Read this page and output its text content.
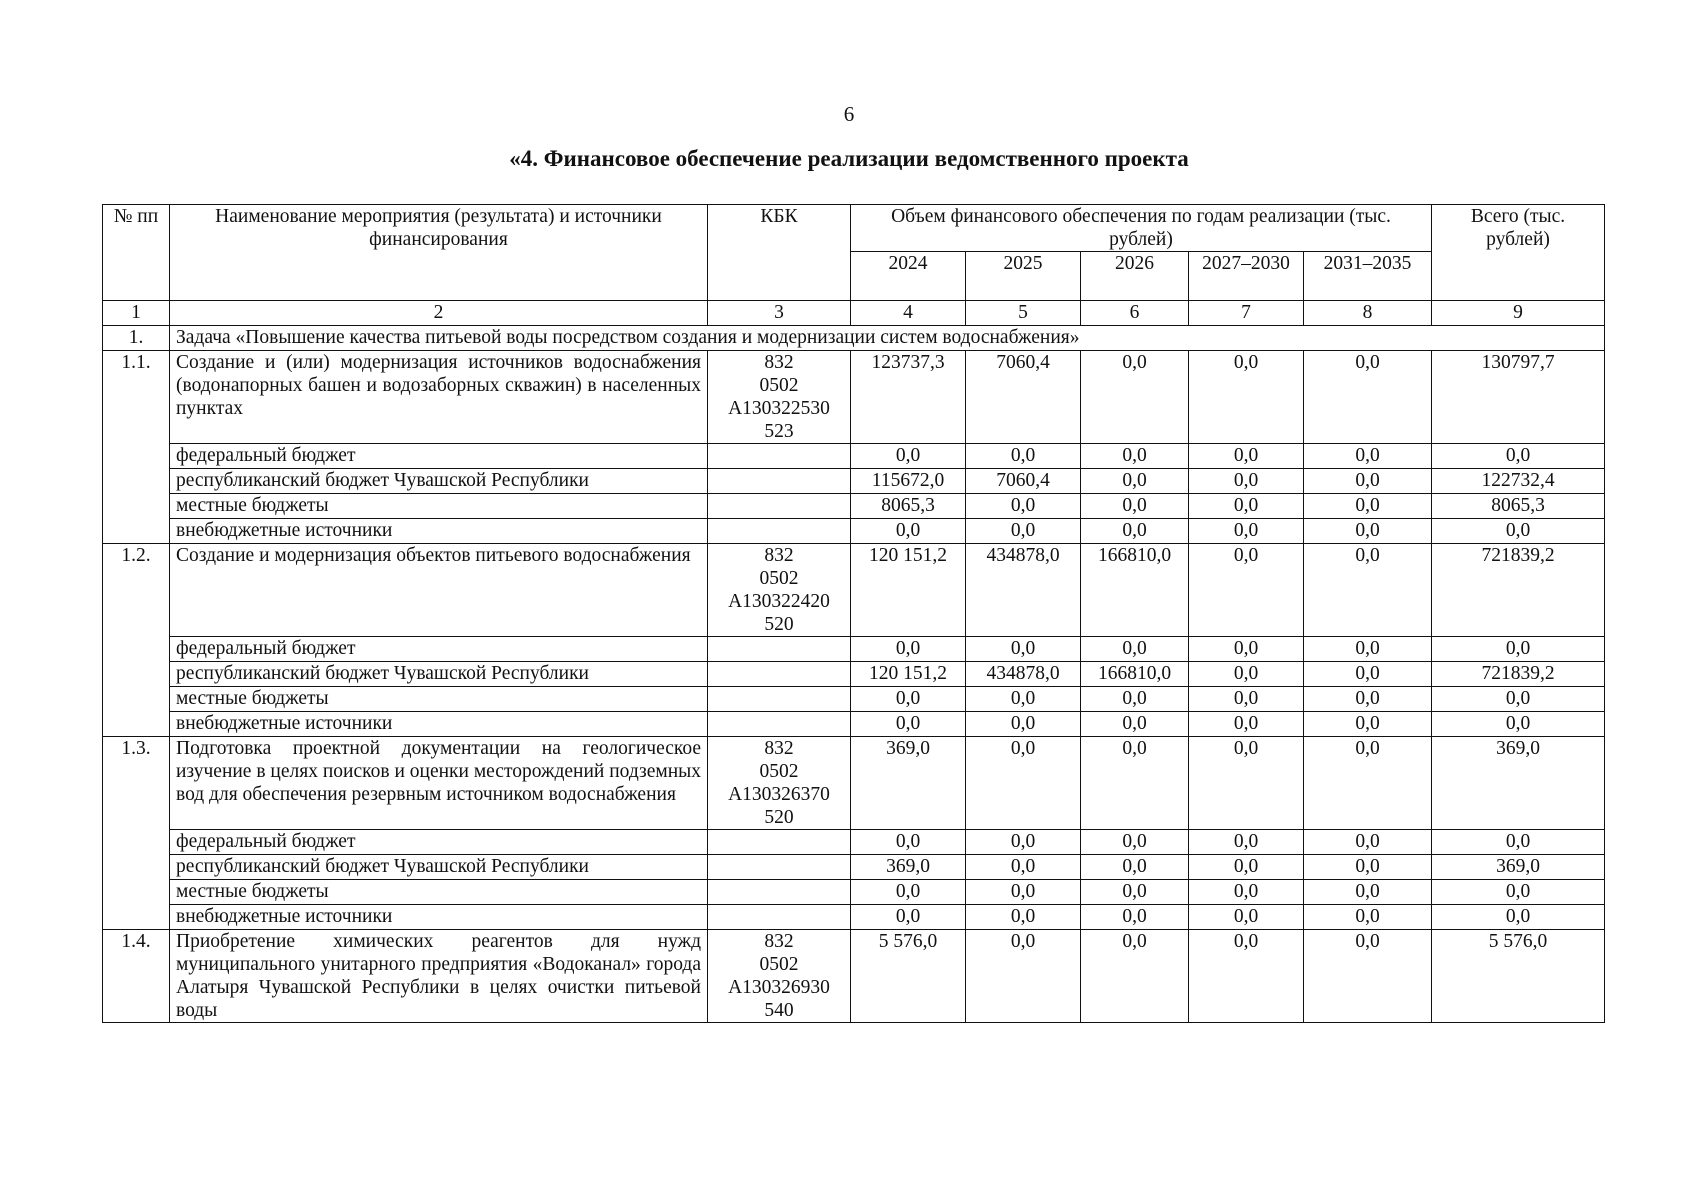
6
«4. Финансовое обеспечение реализации ведомственного проекта
№ пп	Наименование мероприятия (результата) и источники финансирования	КБК	Объем финансового обеспечения по годам реализации (тыс. рублей)					Всего (тыс. рублей)
			2024	2025	2026	2027–2030	2031–2035	
1	2	3	4	5	6	7	8	9
1.	Задача «Повышение качества питьевой воды посредством создания и модернизации систем водоснабжения»							
1.1.	Создание и (или) модернизация источников водоснабжения (водонапорных башен и водозаборных скважин) в населенных пунктах	832
0502
А130322530
523	123737,3	7060,4	0,0	0,0	0,0	130797,7
	федеральный бюджет		0,0	0,0	0,0	0,0	0,0	0,0
	республиканский бюджет Чувашской Республики		115672,0	7060,4	0,0	0,0	0,0	122732,4
	местные бюджеты		8065,3	0,0	0,0	0,0	0,0	8065,3
	внебюджетные источники		0,0	0,0	0,0	0,0	0,0	0,0
1.2.	Создание и модернизация объектов питьевого водоснабжения	832
0502
А130322420
520	120 151,2	434878,0	166810,0	0,0	0,0	721839,2
	федеральный бюджет		0,0	0,0	0,0	0,0	0,0	0,0
	республиканский бюджет Чувашской Республики		120 151,2	434878,0	166810,0	0,0	0,0	721839,2
	местные бюджеты		0,0	0,0	0,0	0,0	0,0	0,0
	внебюджетные источники		0,0	0,0	0,0	0,0	0,0	0,0
1.3.	Подготовка проектной документации на геологическое изучение в целях поисков и оценки месторождений подземных вод для обеспечения резервным источником водоснабжения	832
0502
А130326370
520	369,0	0,0	0,0	0,0	0,0	369,0
	федеральный бюджет		0,0	0,0	0,0	0,0	0,0	0,0
	республиканский бюджет Чувашской Республики		369,0	0,0	0,0	0,0	0,0	369,0
	местные бюджеты		0,0	0,0	0,0	0,0	0,0	0,0
	внебюджетные источники		0,0	0,0	0,0	0,0	0,0	0,0
1.4.	Приобретение химических реагентов для нужд муниципального унитарного предприятия «Водоканал» города Алатыря Чувашской Республики в целях очистки питьевой воды	832
0502
А130326930
540	5 576,0	0,0	0,0	0,0	0,0	5 576,0
